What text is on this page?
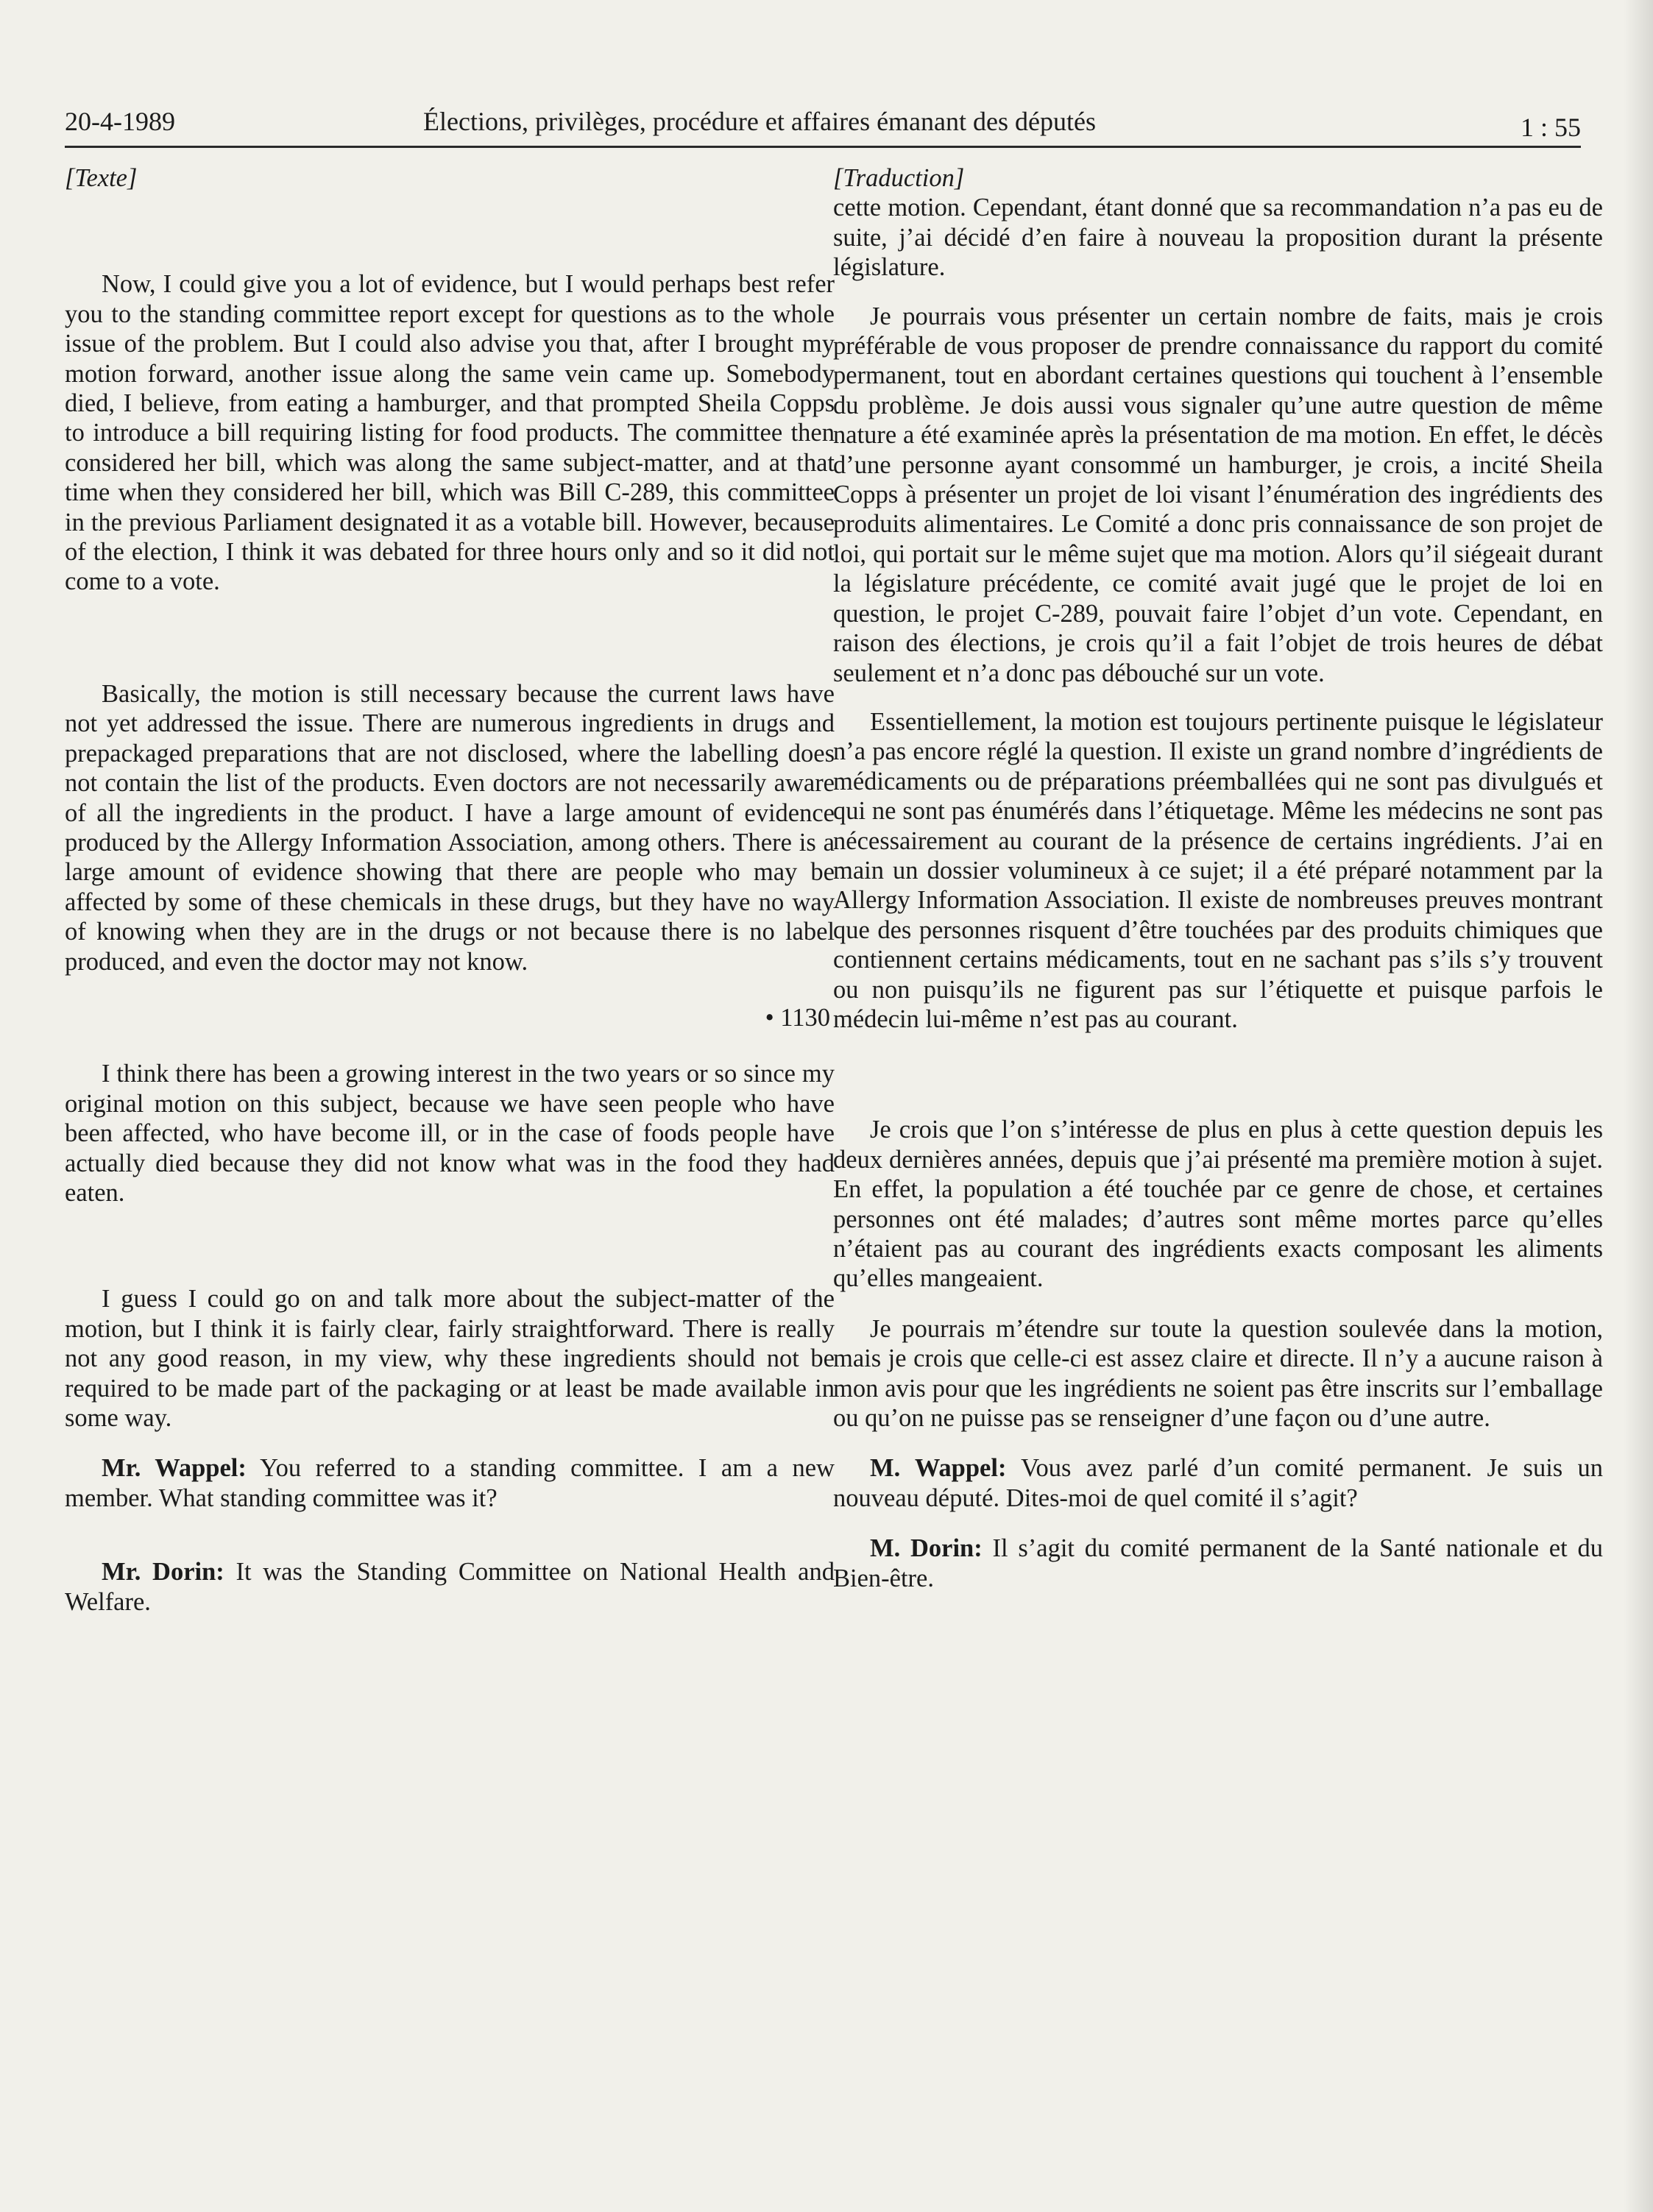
20-4-1989	Élections, privilèges, procédure et affaires émanant des députés	1 : 55

[Texte]

Now, I could give you a lot of evidence, but I would perhaps best refer you to the standing committee report except for questions as to the whole issue of the problem. But I could also advise you that, after I brought my motion forward, another issue along the same vein came up. Somebody died, I believe, from eating a hamburger, and that prompted Sheila Copps to introduce a bill requiring listing for food products. The committee then considered her bill, which was along the same subject-matter, and at that time when they considered her bill, which was Bill C-289, this committee in the previous Parliament designated it as a votable bill. However, because of the election, I think it was debated for three hours only and so it did not come to a vote.

Basically, the motion is still necessary because the current laws have not yet addressed the issue. There are numerous ingredients in drugs and prepackaged preparations that are not disclosed, where the labelling does not contain the list of the products. Even doctors are not necessarily aware of all the ingredients in the product. I have a large amount of evidence produced by the Allergy Information Association, among others. There is a large amount of evidence showing that there are people who may be affected by some of these chemicals in these drugs, but they have no way of knowing when they are in the drugs or not because there is no label produced, and even the doctor may not know.

• 1130

I think there has been a growing interest in the two years or so since my original motion on this subject, because we have seen people who have been affected, who have become ill, or in the case of foods people have actually died because they did not know what was in the food they had eaten.

I guess I could go on and talk more about the subject-matter of the motion, but I think it is fairly clear, fairly straightforward. There is really not any good reason, in my view, why these ingredients should not be required to be made part of the packaging or at least be made available in some way.

Mr. Wappel: You referred to a standing committee. I am a new member. What standing committee was it?

Mr. Dorin: It was the Standing Committee on National Health and Welfare.

[Traduction]

cette motion. Cependant, étant donné que sa recommandation n’a pas eu de suite, j’ai décidé d’en faire à nouveau la proposition durant la présente législature.

Je pourrais vous présenter un certain nombre de faits, mais je crois préférable de vous proposer de prendre connaissance du rapport du comité permanent, tout en abordant certaines questions qui touchent à l’ensemble du problème. Je dois aussi vous signaler qu’une autre question de même nature a été examinée après la présentation de ma motion. En effet, le décès d’une personne ayant consommé un hamburger, je crois, a incité Sheila Copps à présenter un projet de loi visant l’énumération des ingrédients des produits alimentaires. Le Comité a donc pris connaissance de son projet de loi, qui portait sur le même sujet que ma motion. Alors qu’il siégeait durant la législature précédente, ce comité avait jugé que le projet de loi en question, le projet C-289, pouvait faire l’objet d’un vote. Cependant, en raison des élections, je crois qu’il a fait l’objet de trois heures de débat seulement et n’a donc pas débouché sur un vote.

Essentiellement, la motion est toujours pertinente puisque le législateur n’a pas encore réglé la question. Il existe un grand nombre d’ingrédients de médicaments ou de préparations préemballées qui ne sont pas divulgués et qui ne sont pas énumérés dans l’étiquetage. Même les médecins ne sont pas nécessairement au courant de la présence de certains ingrédients. J’ai en main un dossier volumineux à ce sujet; il a été préparé notamment par la Allergy Information Association. Il existe de nombreuses preuves montrant que des personnes risquent d’être touchées par des produits chimiques que contiennent certains médicaments, tout en ne sachant pas s’ils s’y trouvent ou non puisqu’ils ne figurent pas sur l’étiquette et puisque parfois le médecin lui-même n’est pas au courant.

Je crois que l’on s’intéresse de plus en plus à cette question depuis les deux dernières années, depuis que j’ai présenté ma première motion à sujet. En effet, la population a été touchée par ce genre de chose, et certaines personnes ont été malades; d’autres sont même mortes parce qu’elles n’étaient pas au courant des ingrédients exacts composant les aliments qu’elles mangeaient.

Je pourrais m’étendre sur toute la question soulevée dans la motion, mais je crois que celle-ci est assez claire et directe. Il n’y a aucune raison à mon avis pour que les ingrédients ne soient pas être inscrits sur l’emballage ou qu’on ne puisse pas se renseigner d’une façon ou d’une autre.

M. Wappel: Vous avez parlé d’un comité permanent. Je suis un nouveau député. Dites-moi de quel comité il s’agit?

M. Dorin: Il s’agit du comité permanent de la Santé nationale et du Bien-être.
